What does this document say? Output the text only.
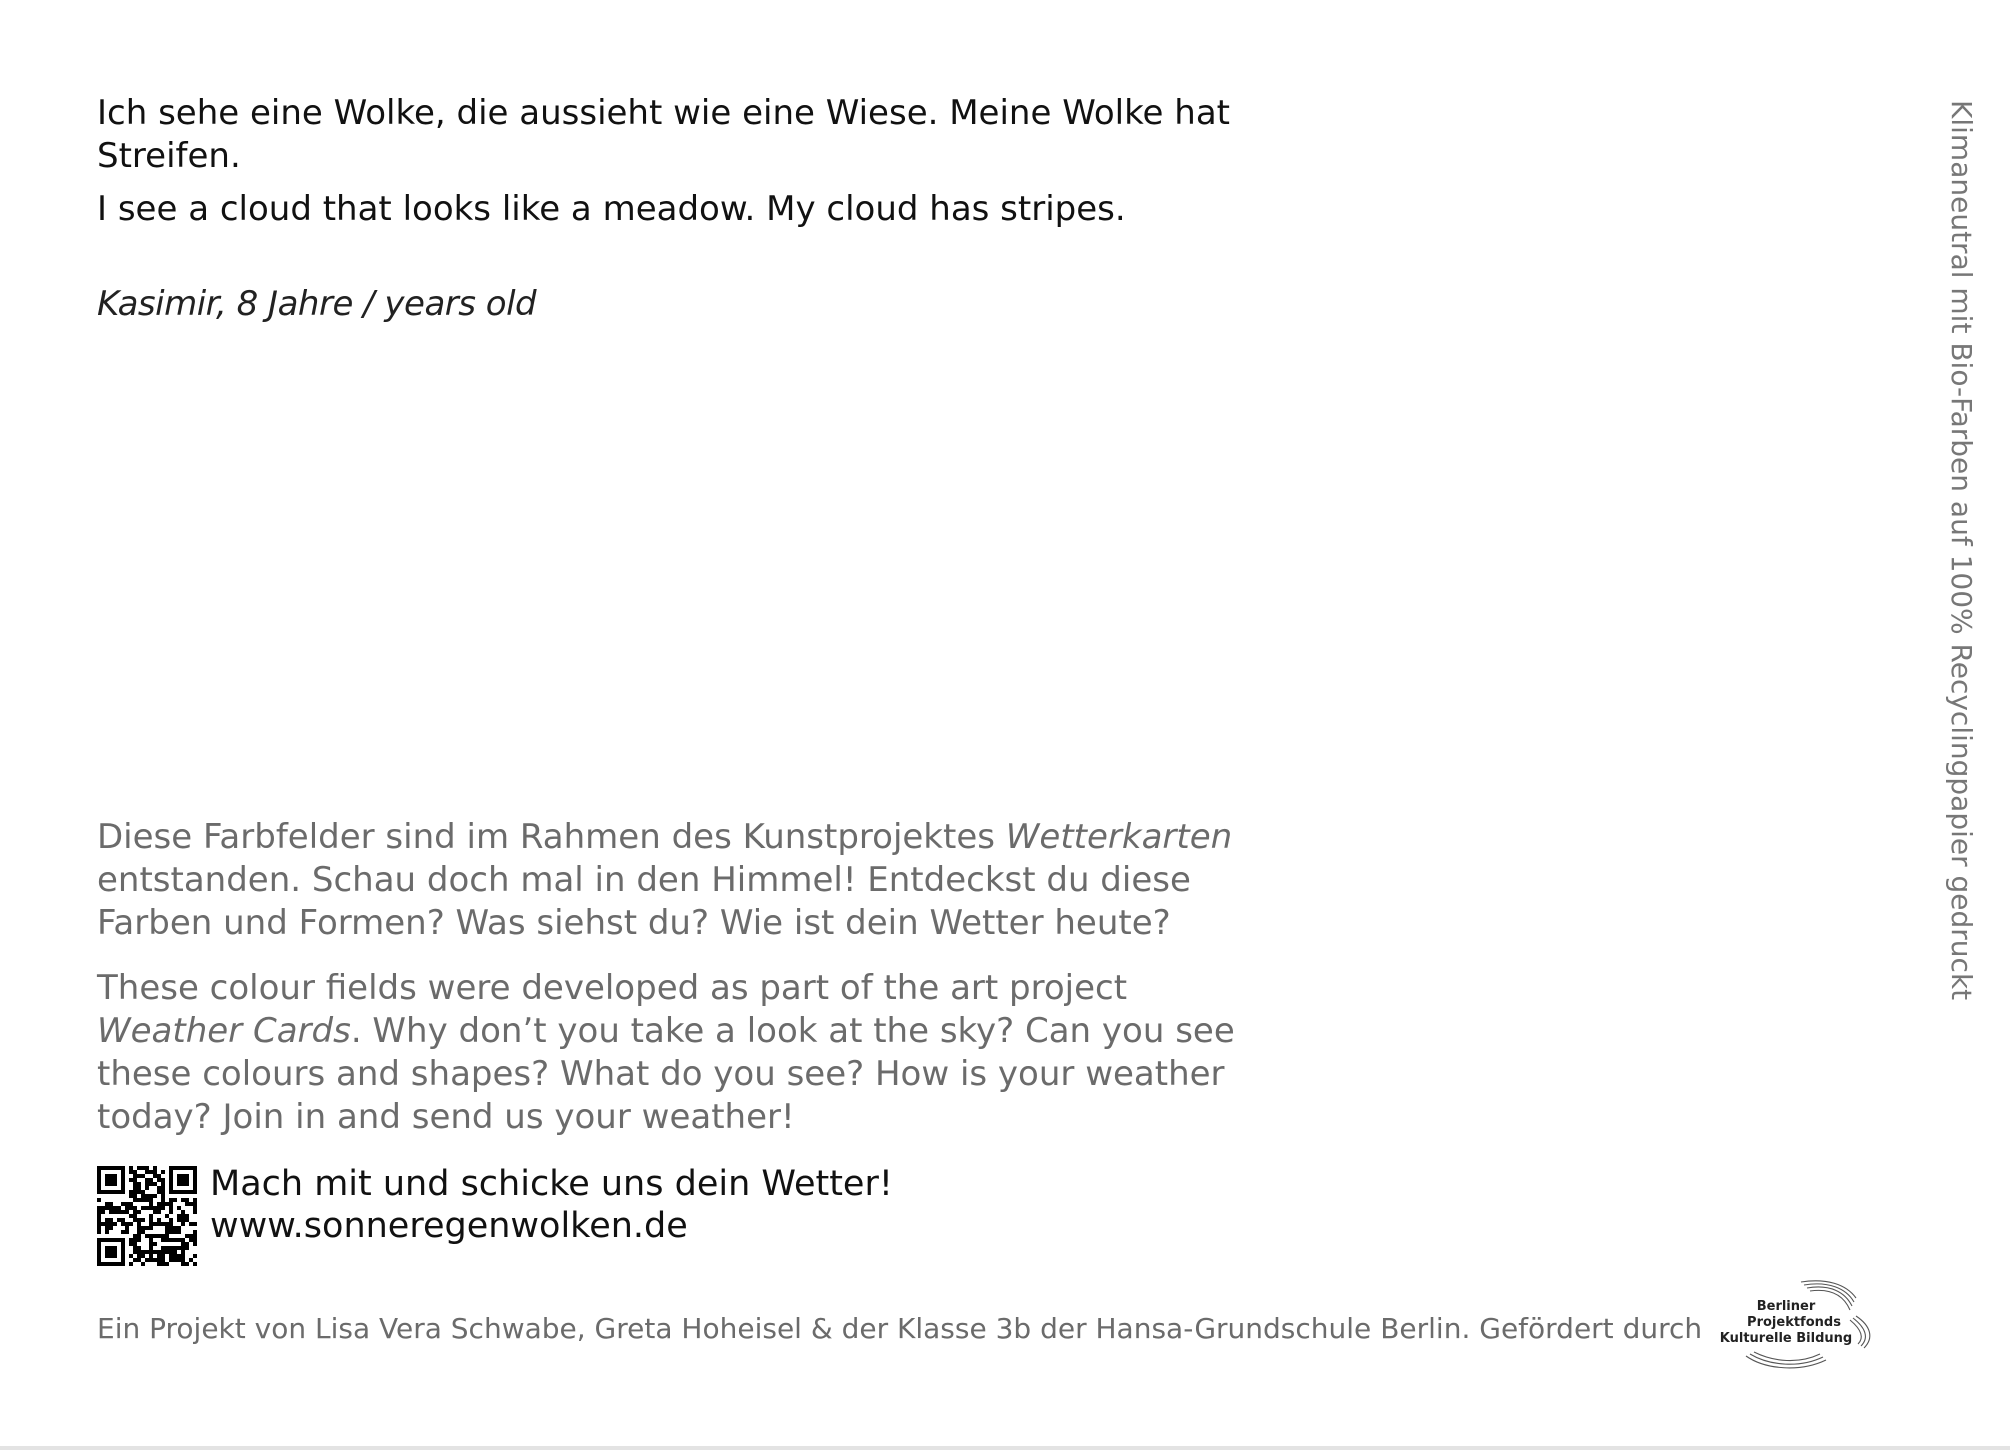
Ich sehe eine Wolke, die aussieht wie eine Wiese. Meine Wolke hat Streifen.

I see a cloud that looks like a meadow. My cloud has stripes.

Kasimir, 8 Jahre / years old

Diese Farbfelder sind im Rahmen des Kunstprojektes Wetterkarten entstanden. Schau doch mal in den Himmel! Entdeckst du diese Farben und Formen? Was siehst du? Wie ist dein Wetter heute?

These colour fields were developed as part of the art project Weather Cards. Why don’t you take a look at the sky? Can you see these colours and shapes? What do you see? How is your weather today? Join in and send us your weather!

Mach mit und schicke uns dein Wetter!
www.sonneregenwolken.de
Ein Projekt von Lisa Vera Schwabe, Greta Hoheisel & der Klasse 3b der Hansa-Grundschule Berlin. Gefördert durch
Berliner
Projektfonds
Kulturelle Bildung
Klimaneutral mit Bio-Farben auf 100% Recyclingpapier gedruckt
